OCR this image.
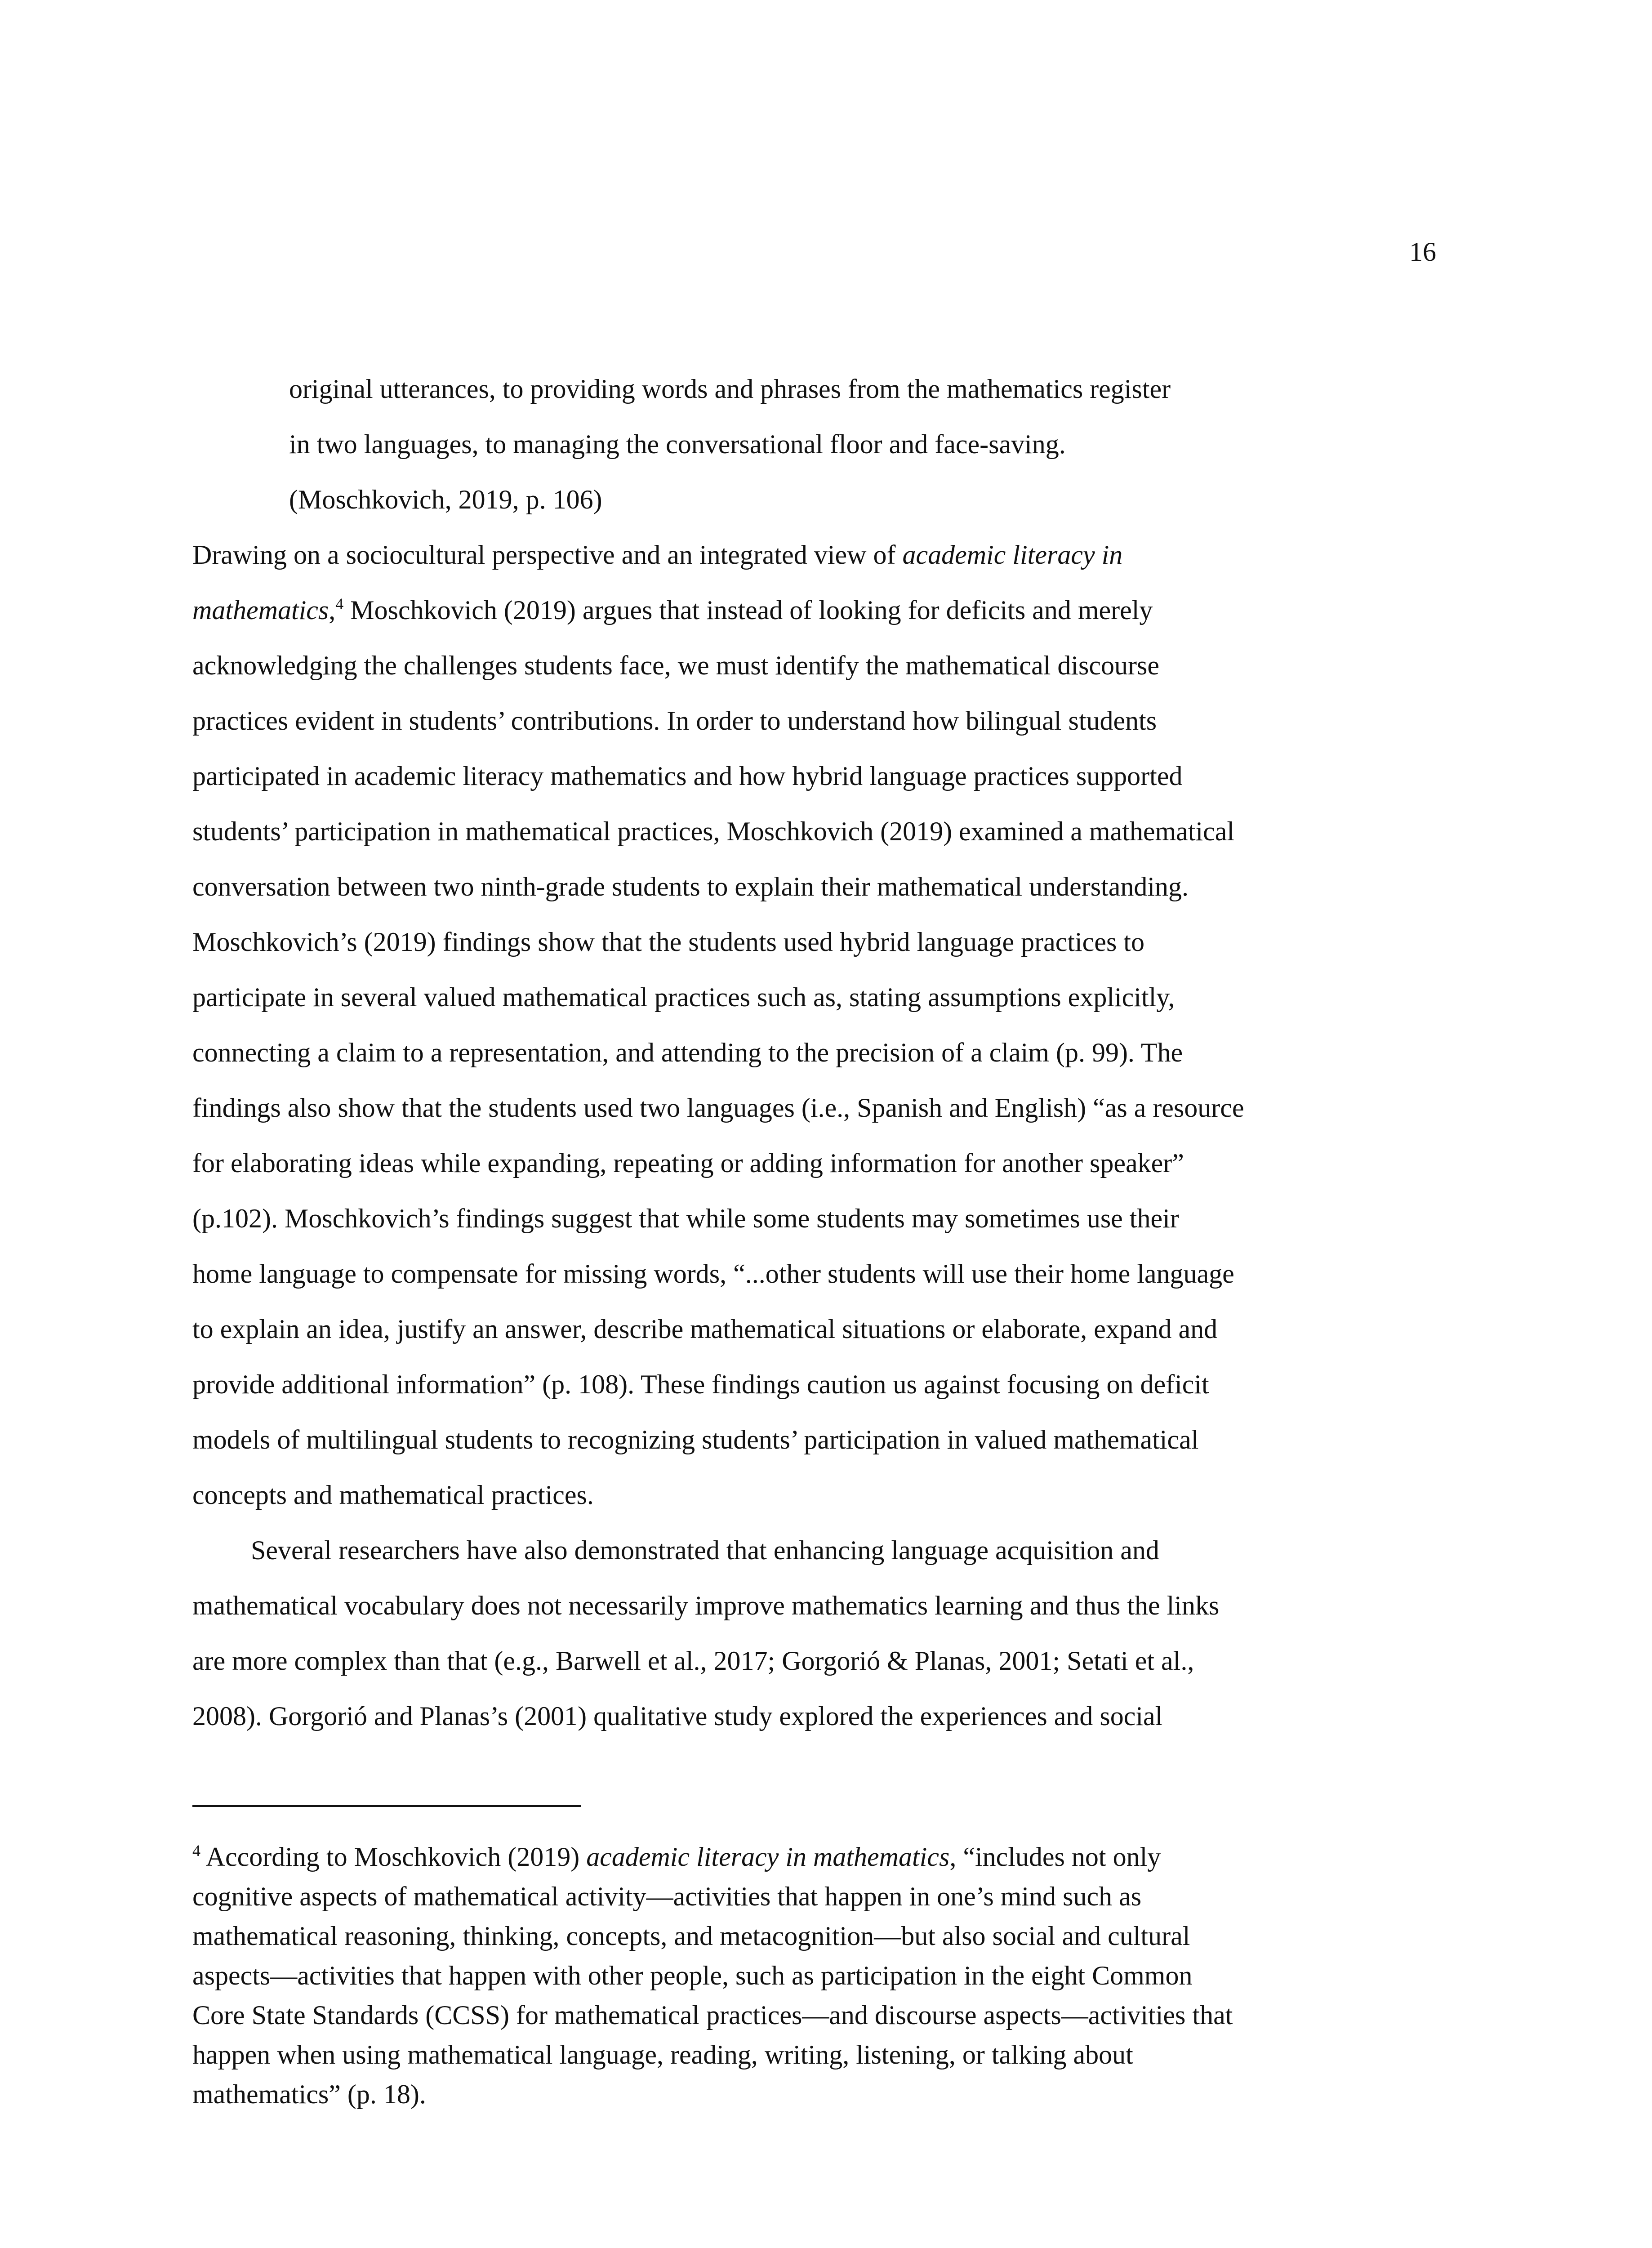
16
original utterances, to providing words and phrases from the mathematics register
in two languages, to managing the conversational floor and face-saving.
(Moschkovich, 2019, p. 106)
Drawing on a sociocultural perspective and an integrated view of academic literacy in
mathematics,$^4$ Moschkovich (2019) argues that instead of looking for deficits and merely
acknowledging the challenges students face, we must identify the mathematical discourse
practices evident in students’ contributions. In order to understand how bilingual students
participated in academic literacy mathematics and how hybrid language practices supported
students’ participation in mathematical practices, Moschkovich (2019) examined a mathematical
conversation between two ninth-grade students to explain their mathematical understanding.
Moschkovich’s (2019) findings show that the students used hybrid language practices to
participate in several valued mathematical practices such as, stating assumptions explicitly,
connecting a claim to a representation, and attending to the precision of a claim (p. 99). The
findings also show that the students used two languages (i.e., Spanish and English) “as a resource
for elaborating ideas while expanding, repeating or adding information for another speaker”
(p.102). Moschkovich’s findings suggest that while some students may sometimes use their
home language to compensate for missing words, “...other students will use their home language
to explain an idea, justify an answer, describe mathematical situations or elaborate, expand and
provide additional information” (p. 108). These findings caution us against focusing on deficit
models of multilingual students to recognizing students’ participation in valued mathematical
concepts and mathematical practices.
Several researchers have also demonstrated that enhancing language acquisition and
mathematical vocabulary does not necessarily improve mathematics learning and thus the links
are more complex than that (e.g., Barwell et al., 2017; Gorgorió & Planas, 2001; Setati et al.,
2008). Gorgorió and Planas’s (2001) qualitative study explored the experiences and social
$^4$ According to Moschkovich (2019) academic literacy in mathematics, “includes not only
cognitive aspects of mathematical activity—activities that happen in one’s mind such as
mathematical reasoning, thinking, concepts, and metacognition—but also social and cultural
aspects—activities that happen with other people, such as participation in the eight Common
Core State Standards (CCSS) for mathematical practices—and discourse aspects—activities that
happen when using mathematical language, reading, writing, listening, or talking about
mathematics” (p. 18).
